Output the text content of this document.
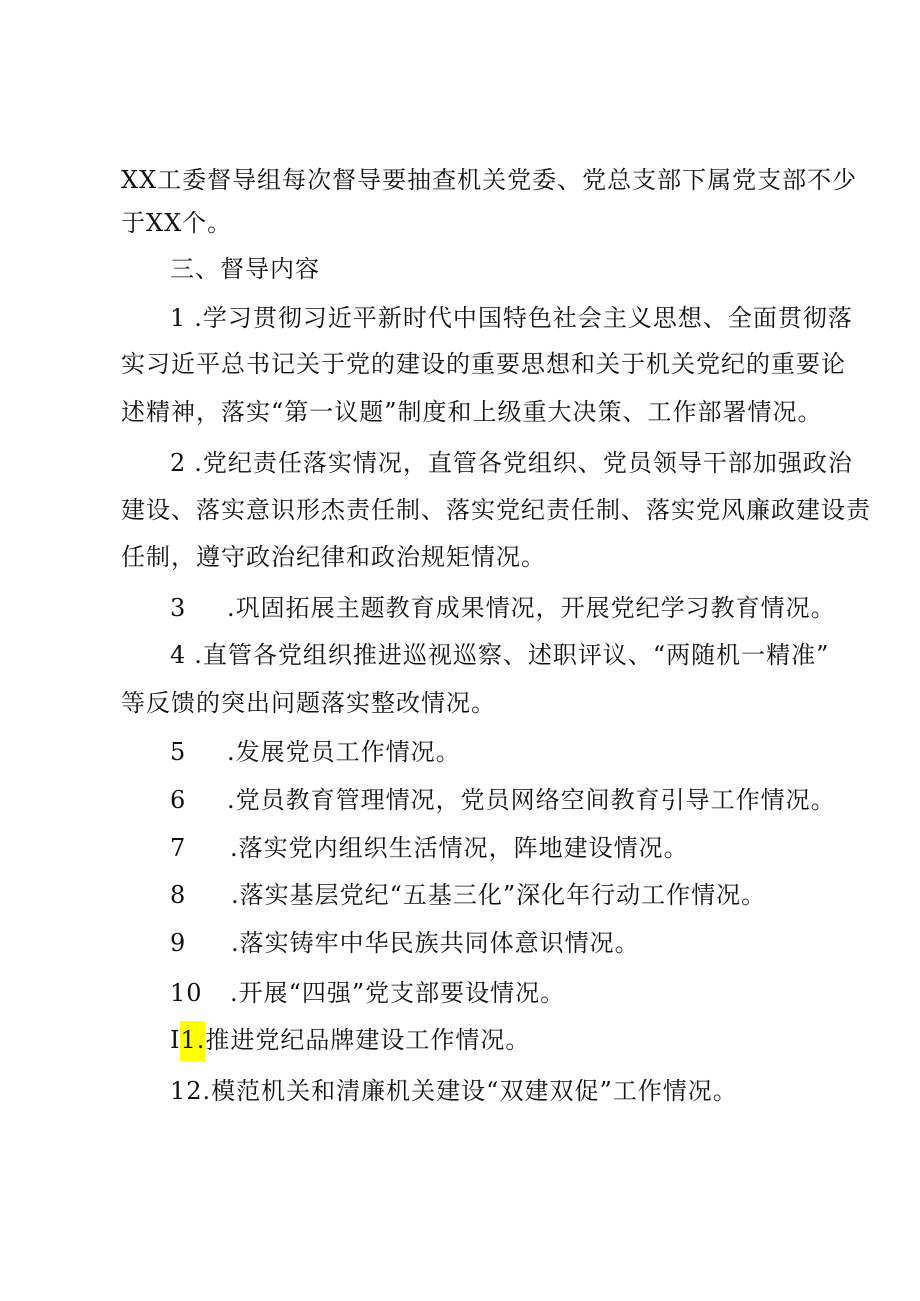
XX工委督导组每次督导要抽查机关党委、党总支部下属党支部不少
于XX个。
三、督导内容
1 .学习贯彻习近平新时代中国特色社会主义思想、全面贯彻落
实习近平总书记关于党的建设的重要思想和关于机关党纪的重要论
述精神，落实“第一议题”制度和上级重大决策、工作部署情况。
2 .党纪责任落实情况，直管各党组织、党员领导干部加强政治
建设、落实意识形杰责任制、落实党纪责任制、落实党风廉政建设责
任制，遵守政治纪律和政治规矩情况。
3 .巩固拓展主题教育成果情况，开展党纪学习教育情况。
4 .直管各党组织推进巡视巡察、述职评议、“两随机一精准”
等反馈的突出问题落实整改情况。
5 .发展党员工作情况。
6 .党员教育管理情况，党员网络空间教育引导工作情况。
7 .落实党内组织生活情况，阵地建设情况。
8 .落实基层党纪“五基三化”深化年行动工作情况。
9 .落实铸牢中华民族共同体意识情况。
10 .开展“四强”党支部要设情况。
I1.推进党纪品牌建设工作情况。
12.模范机关和清廉机关建设“双建双促”工作情况。
